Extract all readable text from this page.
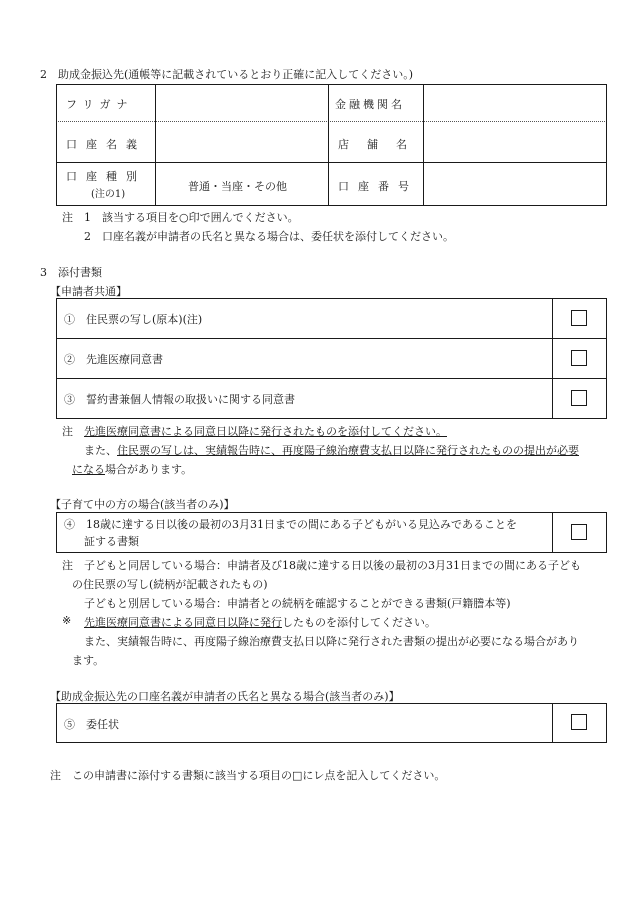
2　助成金振込先(通帳等に記載されているとおり正確に記入してください。)
フリガナ	金融機関名
口座名義	店舗名
口座種別
(注の1)
普通・当座・その他	口座番号
注　1　該当する項目を○印で囲んでください。
2　口座名義が申請者の氏名と異なる場合は、委任状を添付してください。
3　添付書類
【申請者共通】
①　住民票の写し(原本)(注)
②　先進医療同意書
③　誓約書兼個人情報の取扱いに関する同意書
注 先進医療同意書による同意日以降に発行されたものを添付してください。
また、住民票の写しは、実績報告時に、再度陽子線治療費支払日以降に発行されたものの提出が必要
になる場合があります。
【子育て中の方の場合(該当者のみ)】
④　18歳に達する日以後の最初の3月31日までの間にある子どもがいる見込みであることを
証する書類
注　子どもと同居している場合：申請者及び18歳に達する日以後の最初の3月31日までの間にある子ども
の住民票の写し(続柄が記載されたもの)
子どもと別居している場合：申請者との続柄を確認することができる書類(戸籍謄本等)
※ 先進医療同意書による同意日以降に発行したものを添付してください。
また、実績報告時に、再度陽子線治療費支払日以降に発行された書類の提出が必要になる場合があり
ます。
【助成金振込先の口座名義が申請者の氏名と異なる場合(該当者のみ)】
⑤　委任状
注　この申請書に添付する書類に該当する項目の□にレ点を記入してください。
